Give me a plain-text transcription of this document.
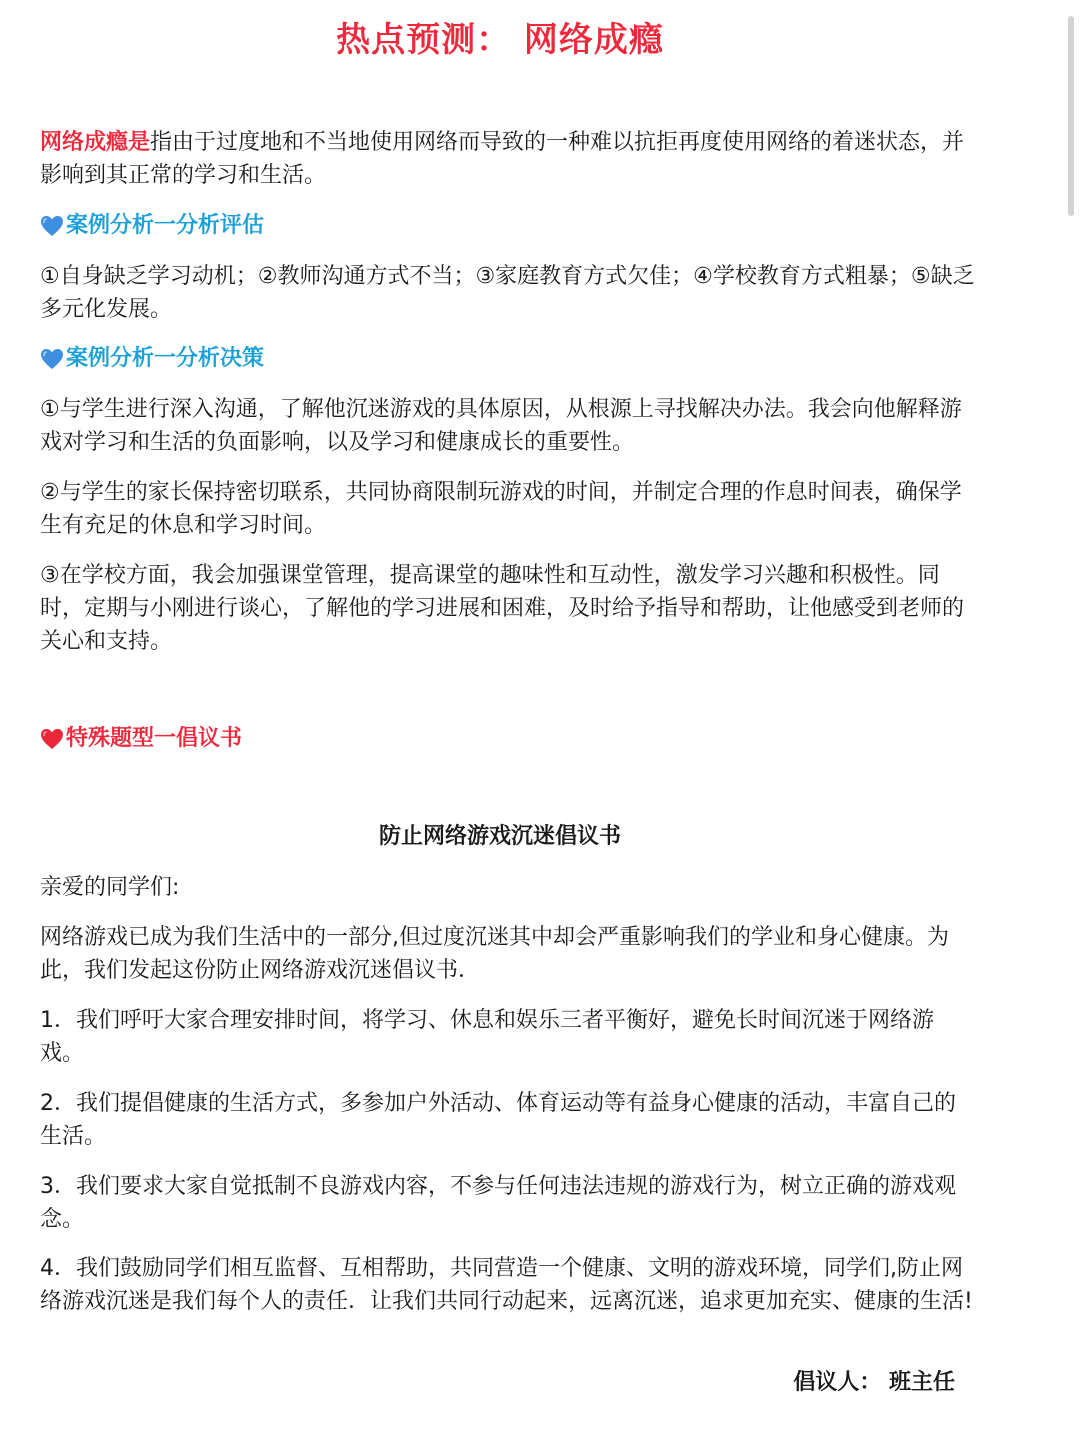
热点预测： 网络成瘾

网络成瘾是指由于过度地和不当地使用网络而导致的一种难以抗拒再度使用网络的着迷状态，并影响到其正常的学习和生活。

案例分析一分析评估

①自身缺乏学习动机；②教师沟通方式不当；③家庭教育方式欠佳；④学校教育方式粗暴；⑤缺乏多元化发展。

案例分析一分析决策

①与学生进行深入沟通，了解他沉迷游戏的具体原因，从根源上寻找解决办法。我会向他解释游戏对学习和生活的负面影响，以及学习和健康成长的重要性。

②与学生的家长保持密切联系，共同协商限制玩游戏的时间，并制定合理的作息时间表，确保学生有充足的休息和学习时间。

③在学校方面，我会加强课堂管理，提高课堂的趣味性和互动性，激发学习兴趣和积极性。同时，定期与小刚进行谈心，了解他的学习进展和困难，及时给予指导和帮助，让他感受到老师的关心和支持。

特殊题型一倡议书
防止网络游戏沉迷倡议书

亲爱的同学们:

网络游戏已成为我们生活中的一部分,但过度沉迷其中却会严重影响我们的学业和身心健康。为此，我们发起这份防止网络游戏沉迷倡议书．

1．我们呼吁大家合理安排时间，将学习、休息和娱乐三者平衡好，避免长时间沉迷于网络游戏。

2．我们提倡健康的生活方式，多参加户外活动、体育运动等有益身心健康的活动，丰富自己的生活。

3．我们要求大家自觉抵制不良游戏内容，不参与任何违法违规的游戏行为，树立正确的游戏观念。

4．我们鼓励同学们相互监督、互相帮助，共同营造一个健康、文明的游戏环境，同学们,防止网络游戏沉迷是我们每个人的责任．让我们共同行动起来，远离沉迷，追求更加充实、健康的生活!

倡议人： 班主任
